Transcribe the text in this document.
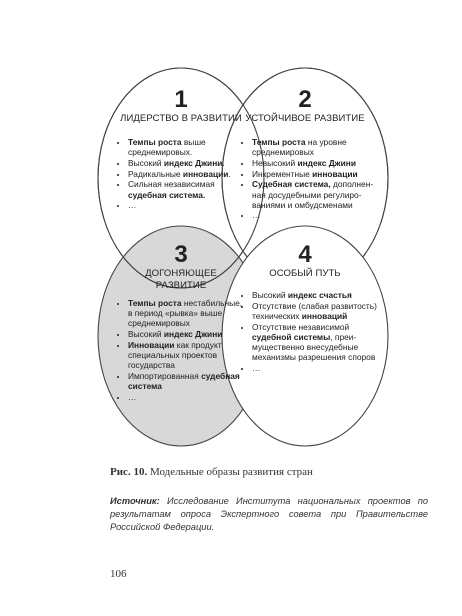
1
ЛИДЕРСТВО В РАЗВИТИИ
• Темпы роста выше среднемировых.
• Высокий индекс Джини.
• Радикальные инновации.
• Сильная независимая судебная система.
• …
2
УСТОЙЧИВОЕ РАЗВИТИЕ
• Темпы роста на уровне среднемировых
• Невысокий индекс Джини
• Инкрементные инновации
• Судебная система, дополненная досудебными регулированиями и омбудсменами
• …
3
ДОГОНЯЮЩЕЕ
РАЗВИТИЕ
• Темпы роста нестабильные, в период «рывка» выше среднемировых
• Высокий индекс Джини
• Инновации как продукт специальных проектов государства
• Импортированная судебная система
• …
4
ОСОБЫЙ ПУТЬ
• Высокий индекс счастья
• Отсутствие (слабая развитость) технических инноваций
• Отсутствие независимой судебной системы, преимущественно внесудебные механизмы разрешения споров
• …
Рис. 10. Модельные образы развития стран
Источник: Исследование Института национальных проектов по результатам опроса Экспертного совета при Правительстве Российской Федерации.
106
